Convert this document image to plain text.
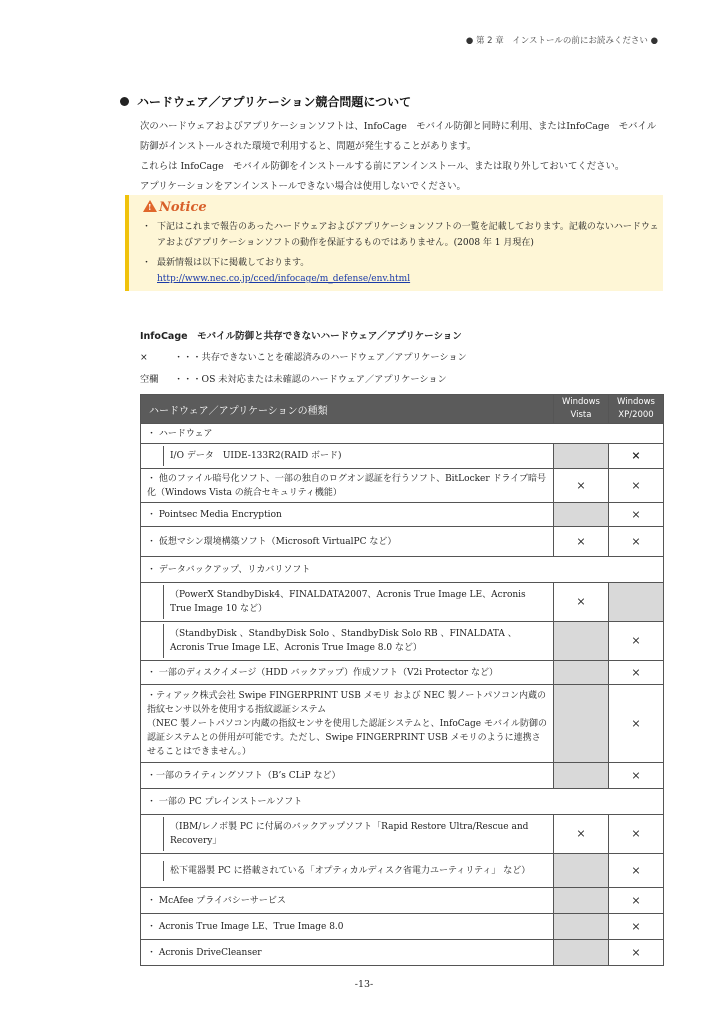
● 第 2 章　インストールの前にお読みください ●
ハードウェア／アプリケーション競合問題について
次のハードウェアおよびアプリケーションソフトは、InfoCage　モバイル防御と同時に利用、またはInfoCage　モバイル
防御がインストールされた環境で利用すると、問題が発生することがあります。
これらは InfoCage　モバイル防御をインストールする前にアンインストール、または取り外しておいてください。
アプリケーションをアンインストールできない場合は使用しないでください。
! Notice
・ 下記はこれまで報告のあったハードウェアおよびアプリケーションソフトの一覧を記載しております。記載のないハードウェアおよびアプリケーションソフトの動作を保証するものではありません。(2008 年 1 月現在)
・ 最新情報は以下に掲載しております。
http://www.nec.co.jp/cced/infocage/m_defense/env.html
InfoCage　モバイル防御と共存できないハードウェア／アプリケーション
×	・・・共存できないことを確認済みのハードウェア／アプリケーション
空欄 ・・・OS 未対応または未確認のハードウェア／アプリケーション
ハードウェア／アプリケーションの種類	Windows Vista	Windows XP/2000
・ ハードウェア		

I/O データ　UIDE-133R2(RAID ボード)		×
・ 他のファイル暗号化ソフト、一部の独自のログオン認証を行うソフト、BitLocker ドライブ暗号化（Windows Vista の統合セキュリティ機能）	×	×
・ Pointsec Media Encryption		×
・ 仮想マシン環境構築ソフト（Microsoft VirtualPC など）	×	×
・ データバックアップ、リカバリソフト		

（PowerX StandbyDisk4、FINALDATA2007、Acronis True Image LE、Acronis True Image 10 など）	×	

（StandbyDisk 、StandbyDisk Solo 、StandbyDisk Solo RB 、FINALDATA 、Acronis True Image LE、Acronis True Image 8.0 など）		×
・ 一部のディスクイメージ（HDD バックアップ）作成ソフト（V2i Protector など）		×
・ティアック株式会社 Swipe FINGERPRINT USB メモリ および NEC 製ノートパソコン内蔵の指紋センサ以外を使用する指紋認証システム
（NEC 製ノートパソコン内蔵の指紋センサを使用した認証システムと、InfoCage モバイル防御の認証システムとの併用が可能です。ただし、Swipe FINGERPRINT USB メモリのように連携させることはできません。）		×
・一部のライティングソフト（B’s CLiP など）		×
・ 一部の PC プレインストールソフト		

（IBM/レノボ製 PC に付属のバックアップソフト「Rapid Restore Ultra/Rescue and Recovery」	×	×

松下電器製 PC に搭載されている「オプティカルディスク省電力ユーティリティ」 など）		×
・ McAfee プライバシーサービス		×
・ Acronis True Image LE、True Image 8.0		×
・ Acronis DriveCleanser		×
-13-
